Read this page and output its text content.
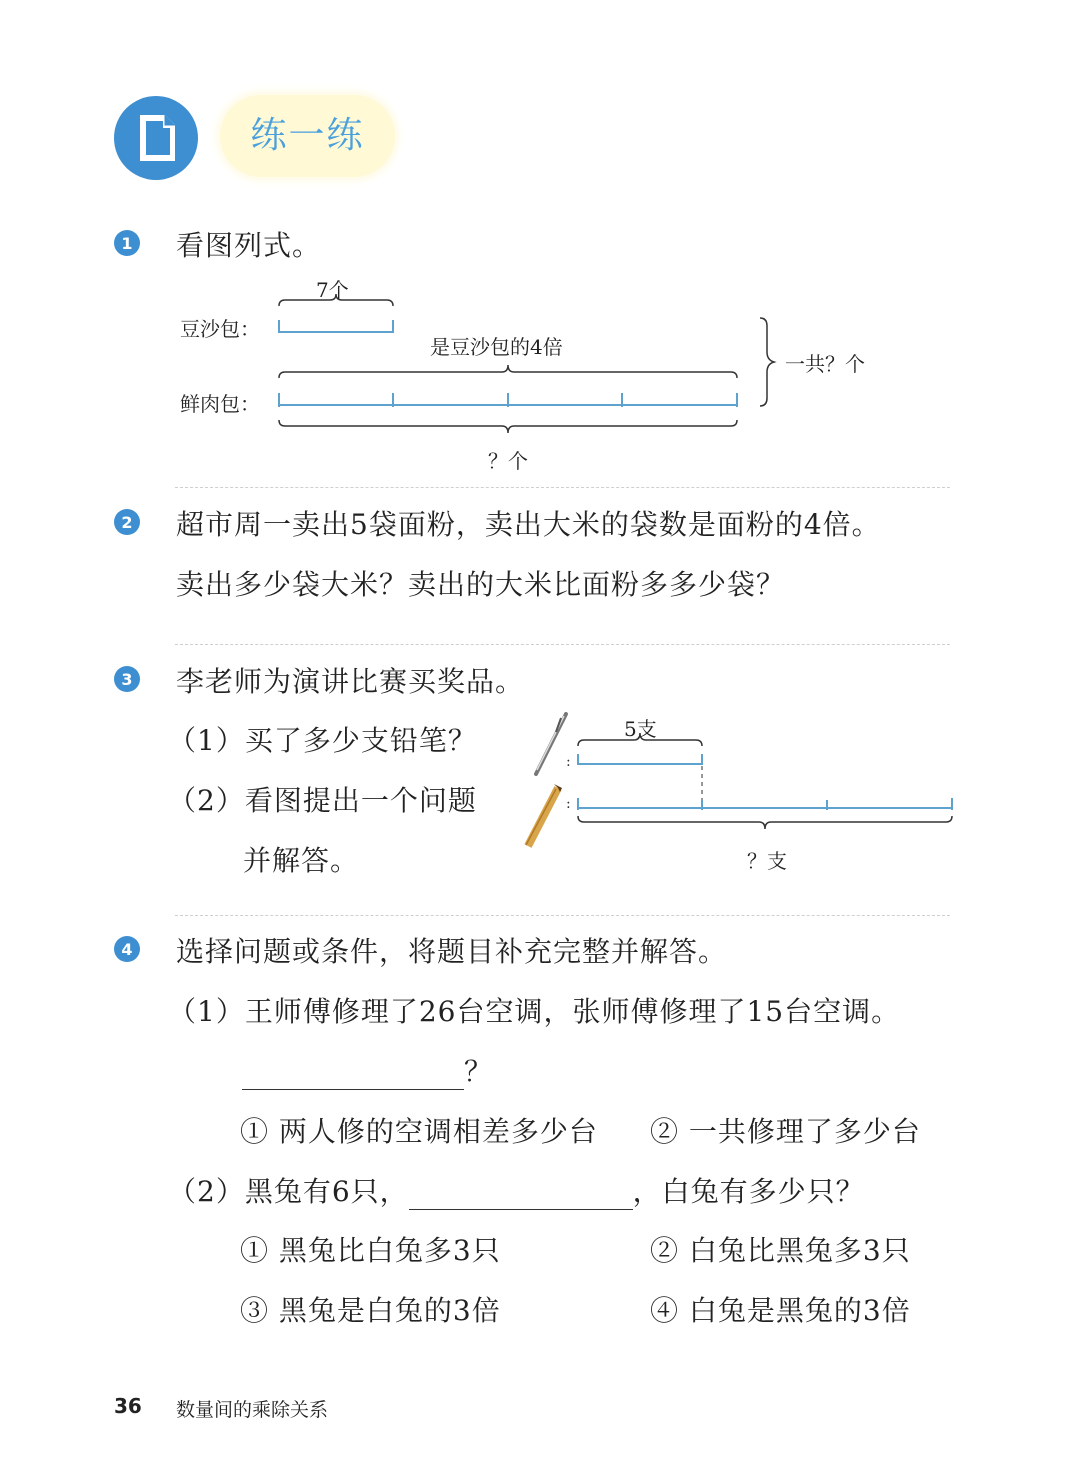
练一练
1 看图列式。
7个
豆沙包：
是豆沙包的4倍
一共？个
鲜肉包：
？个
2 超市周一卖出5袋面粉，卖出大米的袋数是面粉的4倍。
卖出多少袋大米？卖出的大米比面粉多多少袋？
3 李老师为演讲比赛买奖品。
（1）买了多少支铅笔？
（2）看图提出一个问题
并解答。
:
:
5支
？支
4 选择问题或条件，将题目补充完整并解答。
（1）王师傅修理了26台空调，张师傅修理了15台空调。
？
① 两人修的空调相差多少台 ② 一共修理了多少台
（2）黑兔有6只，	，白兔有多少只？
① 黑兔比白兔多3只	② 白兔比黑兔多3只
③ 黑兔是白兔的3倍	④ 白兔是黑兔的3倍
36 数量间的乘除关系
